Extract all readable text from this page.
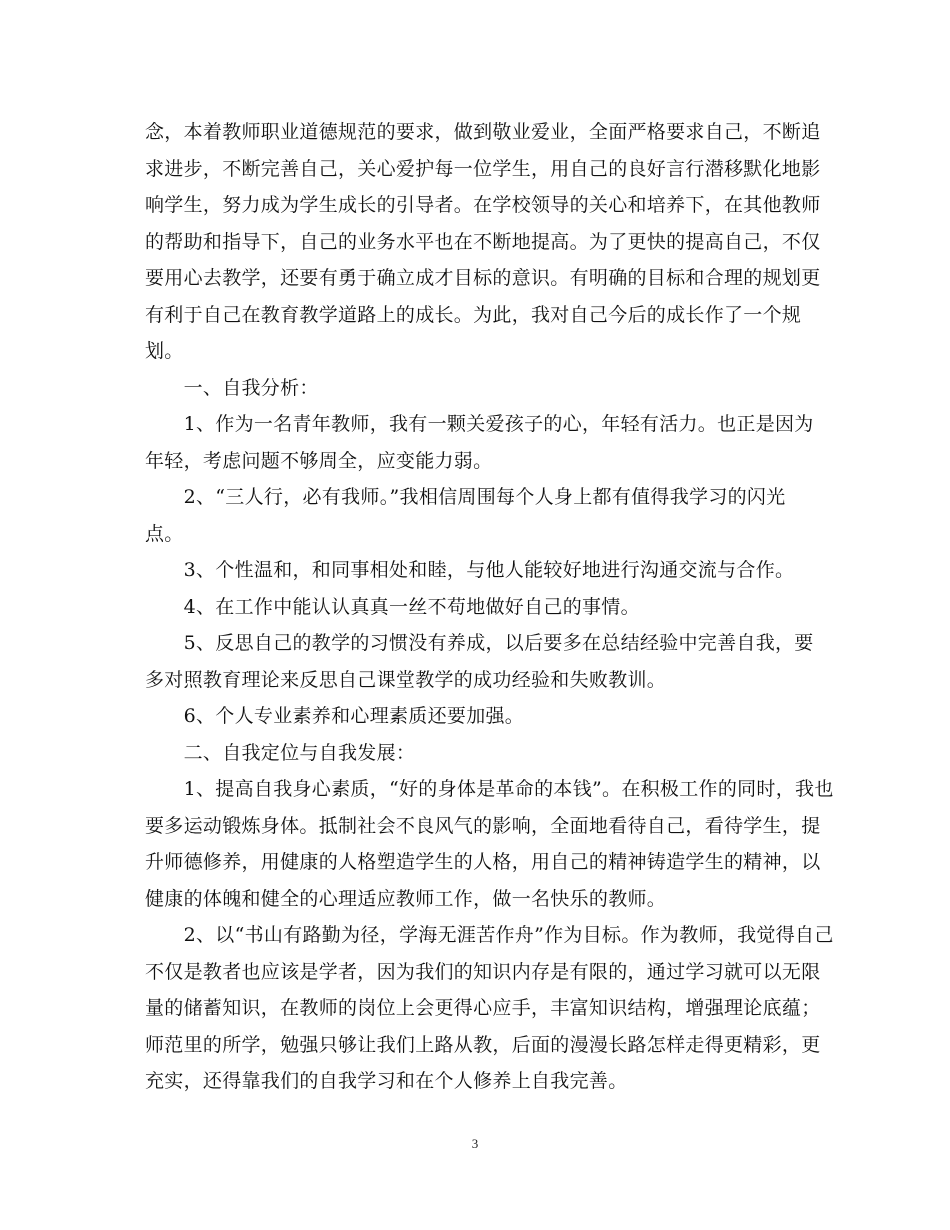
念，本着教师职业道德规范的要求，做到敬业爱业，全面严格要求自己，不断追

求进步，不断完善自己，关心爱护每一位学生，用自己的良好言行潜移默化地影

响学生，努力成为学生成长的引导者。在学校领导的关心和培养下，在其他教师

的帮助和指导下，自己的业务水平也在不断地提高。为了更快的提高自己，不仅

要用心去教学，还要有勇于确立成才目标的意识。有明确的目标和合理的规划更

有利于自己在教育教学道路上的成长。为此，我对自己今后的成长作了一个规

划。

　　一、自我分析：

　　1、作为一名青年教师，我有一颗关爱孩子的心，年轻有活力。也正是因为

年轻，考虑问题不够周全，应变能力弱。

　　2、“三人行，必有我师。”我相信周围每个人身上都有值得我学习的闪光

点。

　　3、个性温和，和同事相处和睦，与他人能较好地进行沟通交流与合作。

　　4、在工作中能认认真真一丝不苟地做好自己的事情。

　　5、反思自己的教学的习惯没有养成，以后要多在总结经验中完善自我，要

多对照教育理论来反思自己课堂教学的成功经验和失败教训。

　　6、个人专业素养和心理素质还要加强。

　　二、自我定位与自我发展：

　　1、提高自我身心素质，“好的身体是革命的本钱”。在积极工作的同时，我也

要多运动锻炼身体。抵制社会不良风气的影响，全面地看待自己，看待学生，提

升师德修养，用健康的人格塑造学生的人格，用自己的精神铸造学生的精神，以

健康的体魄和健全的心理适应教师工作，做一名快乐的教师。

　　2、以“书山有路勤为径，学海无涯苦作舟”作为目标。作为教师，我觉得自己

不仅是教者也应该是学者，因为我们的知识内存是有限的，通过学习就可以无限

量的储蓄知识，在教师的岗位上会更得心应手，丰富知识结构，增强理论底蕴；

师范里的所学，勉强只够让我们上路从教，后面的漫漫长路怎样走得更精彩，更

充实，还得靠我们的自我学习和在个人修养上自我完善。

3
